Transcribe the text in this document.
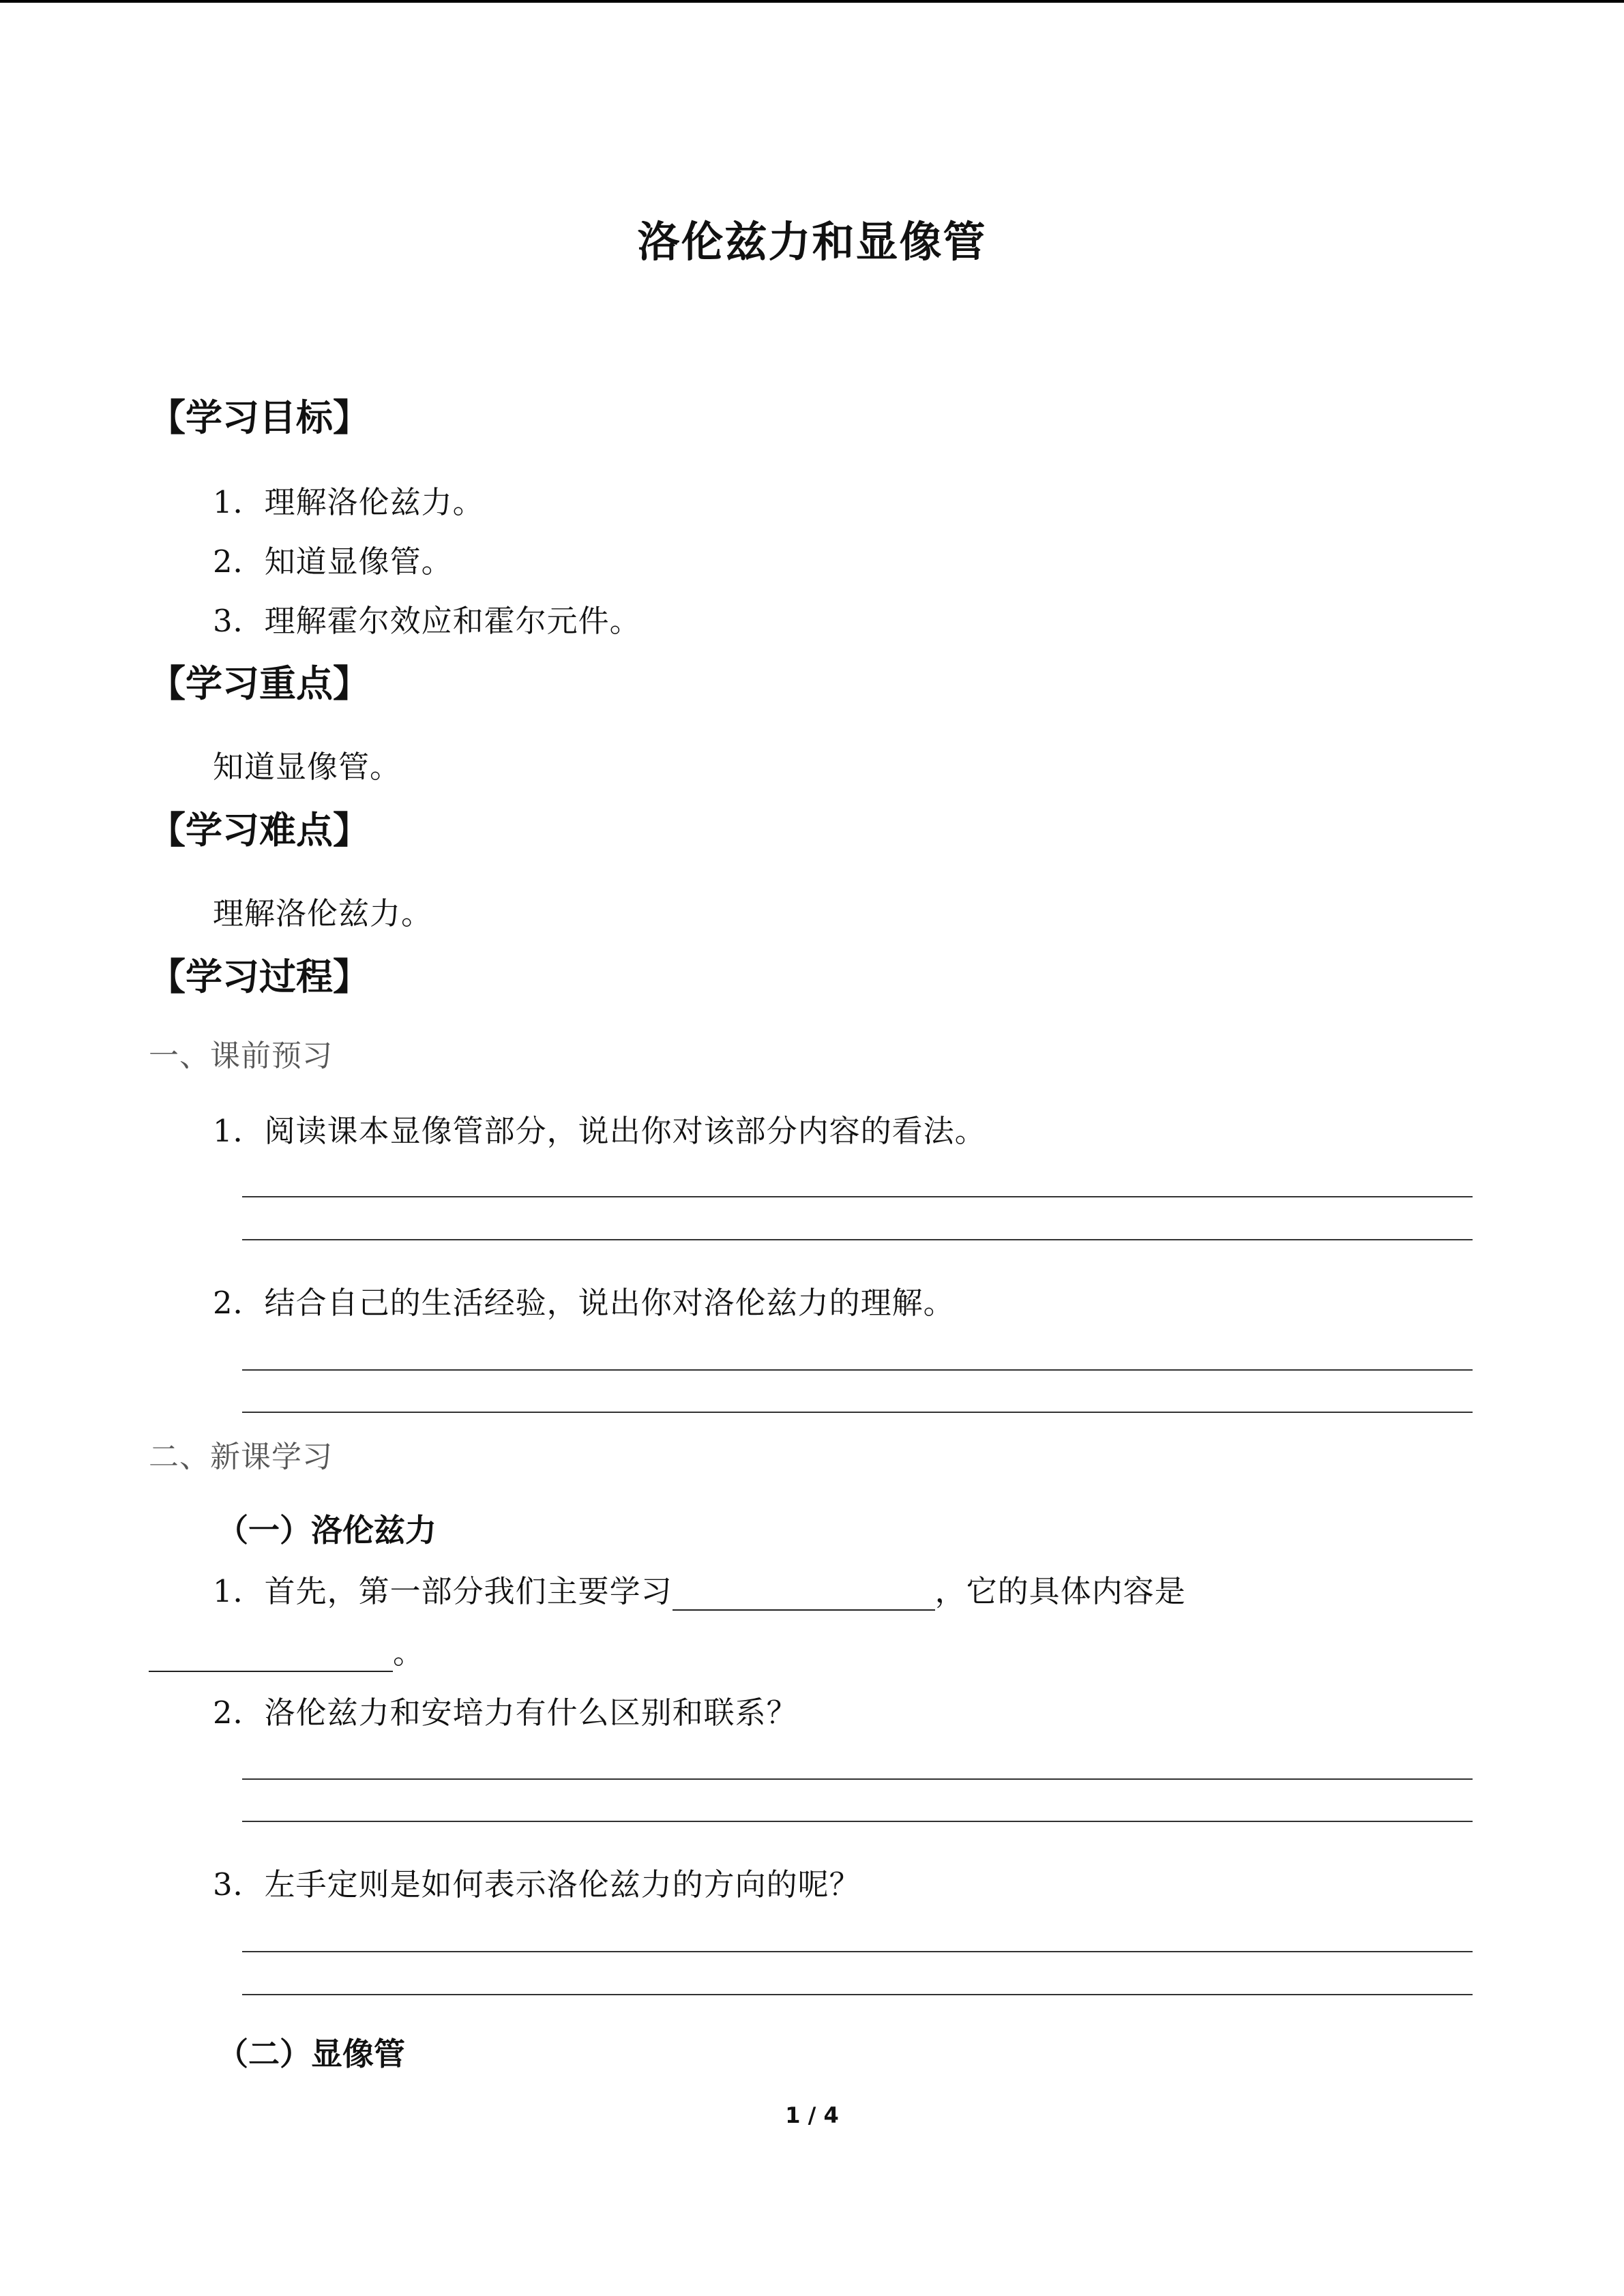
洛伦兹力和显像管
【学习目标】
1．理解洛伦兹力。
2．知道显像管。
3．理解霍尔效应和霍尔元件。
【学习重点】
知道显像管。
【学习难点】
理解洛伦兹力。
【学习过程】
一、课前预习
1．阅读课本显像管部分，说出你对该部分内容的看法。
2．结合自己的生活经验，说出你对洛伦兹力的理解。
二、新课学习
（一）洛伦兹力
1．首先，第一部分我们主要学习	，它的具体内容是
。
2．洛伦兹力和安培力有什么区别和联系？
3．左手定则是如何表示洛伦兹力的方向的呢？
（二）显像管
1 / 4
